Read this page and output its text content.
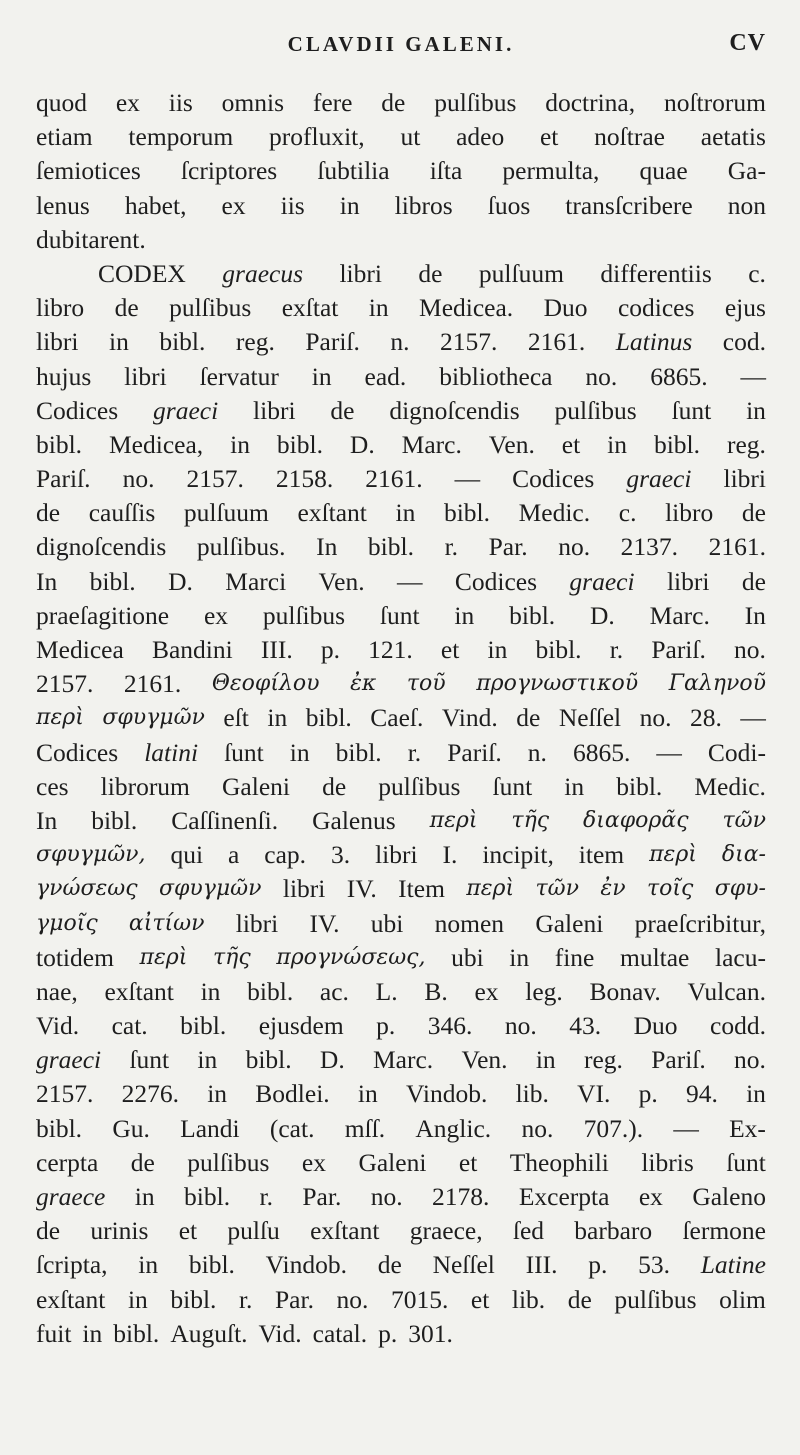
CLAVDII GALENI.	CV
quod ex iis omnis fere de pulſibus doctrina, noſtrorum
etiam temporum profluxit, ut adeo et noſtrae aetatis
ſemiotices ſcriptores ſubtilia iſta permulta, quae Ga-
lenus habet, ex iis in libros ſuos transſcribere non
dubitarent.
CODEX graecus libri de pulſuum differentiis c.
libro de pulſibus exſtat in Medicea. Duo codices ejus
libri in bibl. reg. Pariſ. n. 2157. 2161. Latinus cod.
hujus libri ſervatur in ead. bibliotheca no. 6865. —
Codices graeci libri de dignoſcendis pulſibus ſunt in
bibl. Medicea, in bibl. D. Marc. Ven. et in bibl. reg.
Pariſ. no. 2157. 2158. 2161. — Codices graeci libri
de cauſſis pulſuum exſtant in bibl. Medic. c. libro de
dignoſcendis pulſibus. In bibl. r. Par. no. 2137. 2161.
In bibl. D. Marci Ven. — Codices graeci libri de
praeſagitione ex pulſibus ſunt in bibl. D. Marc. In
Medicea Bandini III. p. 121. et in bibl. r. Pariſ. no.
2157. 2161. Θεοφίλου ἐκ τοῦ προγνωστικοῦ Γαληνοῦ
περὶ σφυγμῶν eſt in bibl. Caeſ. Vind. de Neſſel no. 28. —
Codices latini ſunt in bibl. r. Pariſ. n. 6865. — Codi-
ces librorum Galeni de pulſibus ſunt in bibl. Medic.
In bibl. Caſſinenſi. Galenus περὶ τῆς διαφορᾶς τῶν
σφυγμῶν, qui a cap. 3. libri I. incipit, item περὶ δια-
γνώσεως σφυγμῶν libri IV. Item περὶ τῶν ἐν τοῖς σφυ-
γμοῖς αἰτίων libri IV. ubi nomen Galeni praeſcribitur,
totidem περὶ τῆς προγνώσεως, ubi in fine multae lacu-
nae, exſtant in bibl. ac. L. B. ex leg. Bonav. Vulcan.
Vid. cat. bibl. ejusdem p. 346. no. 43. Duo codd.
graeci ſunt in bibl. D. Marc. Ven. in reg. Pariſ. no.
2157. 2276. in Bodlei. in Vindob. lib. VI. p. 94. in
bibl. Gu. Landi (cat. mſſ. Anglic. no. 707.). — Ex-
cerpta de pulſibus ex Galeni et Theophili libris ſunt
graece in bibl. r. Par. no. 2178. Excerpta ex Galeno
de urinis et pulſu exſtant graece, ſed barbaro ſermone
ſcripta, in bibl. Vindob. de Neſſel III. p. 53. Latine
exſtant in bibl. r. Par. no. 7015. et lib. de pulſibus olim
fuit in bibl. Auguſt. Vid. catal. p. 301.
